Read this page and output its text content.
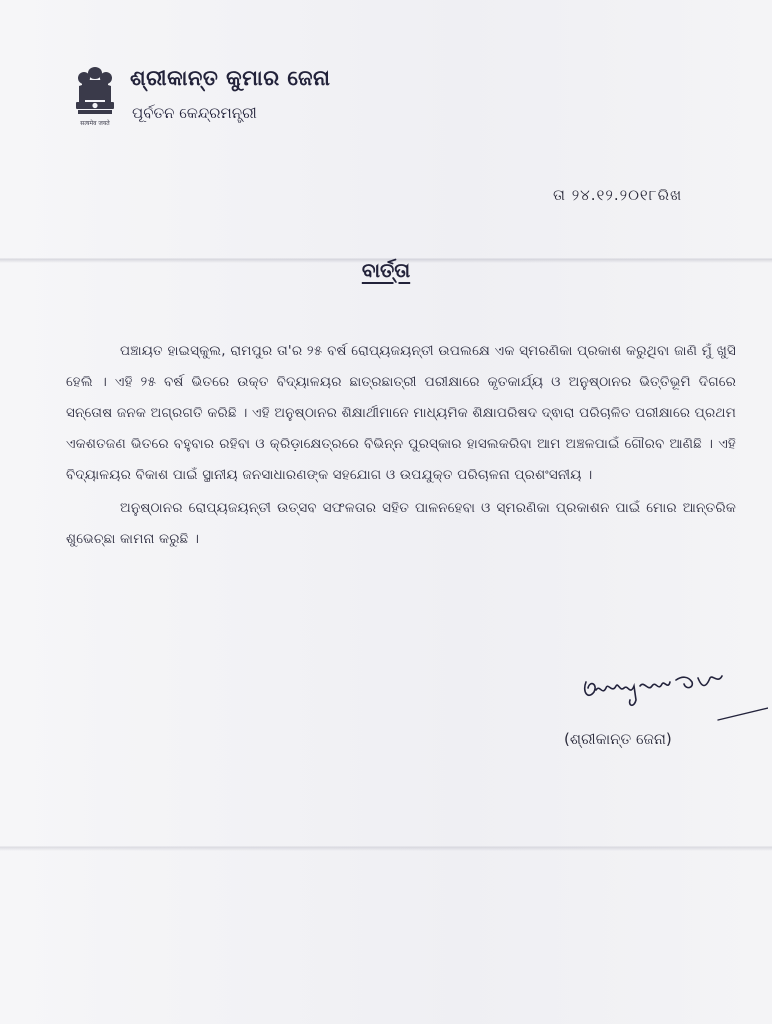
सत्यमेव जयते
ଶ୍ରୀକାନ୍ତ କୁମାର ଜେନା
ପୂର୍ବତନ କେନ୍ଦ୍ରମନ୍ତ୍ରୀ
ତା ୨୪.୧୨.୨୦୧୮ରିଖ
ବାର୍ତ୍ତା

ପଞ୍ଚାୟତ ହାଇସ୍କୁଲ, ରାମପୁର ତା'ର ୨୫ ବର୍ଷ ରୋପ୍ୟଜୟନ୍ତୀ ଉପଲକ୍ଷେ ଏକ ସ୍ମରଣିକା ପ୍ରକାଶ କରୁଥିବା ଜାଣି ମୁଁ ଖୁସି ହେଲି । ଏହି ୨୫ ବର୍ଷ ଭିତରେ ଉକ୍ତ ବିଦ୍ୟାଳୟର ଛାତ୍ରଛାତ୍ରୀ ପରୀକ୍ଷାରେ କୃତକାର୍ଯ୍ୟ ଓ ଅନୁଷ୍ଠାନର ଭିତ୍ତିଭୂମି ଦିଗରେ ସନ୍ତୋଷ ଜନକ ଅଗ୍ରଗତି କରିଛି । ଏହି ଅନୁଷ୍ଠାନର ଶିକ୍ଷାର୍ଥୀମାନେ ମାଧ୍ୟମିକ ଶିକ୍ଷାପରିଷଦ ଦ୍ଵାରା ପରିଚାଳିତ ପରୀକ୍ଷାରେ ପ୍ରଥମ ଏକଶତଜଣ ଭିତରେ ବହୁବାର ରହିବା ଓ କ୍ରିଡ଼ାକ୍ଷେତ୍ରରେ ବିଭିନ୍ନ ପୁରସ୍କାର ହାସଲକରିବା ଆମ ଅଞ୍ଚଳପାଇଁ ଗୌରବ ଆଣିଛି । ଏହି ବିଦ୍ୟାଳୟର ବିକାଶ ପାଇଁ ସ୍ଥାନୀୟ ଜନସାଧାରଣଙ୍କ ସହଯୋଗ ଓ ଉପଯୁକ୍ତ ପରିଚାଳନା ପ୍ରଶଂସନୀୟ ।

ଅନୁଷ୍ଠାନର ରୋପ୍ୟଜୟନ୍ତୀ ଉତ୍ସବ ସଫଳତାର ସହିତ ପାଳନହେବା ଓ ସ୍ମରଣିକା ପ୍ରକାଶନ ପାଇଁ ମୋର ଆନ୍ତରିକ ଶୁଭେଚ୍ଛା କାମନା କରୁଛି ।

(ଶ୍ରୀକାନ୍ତ ଜେନା)
